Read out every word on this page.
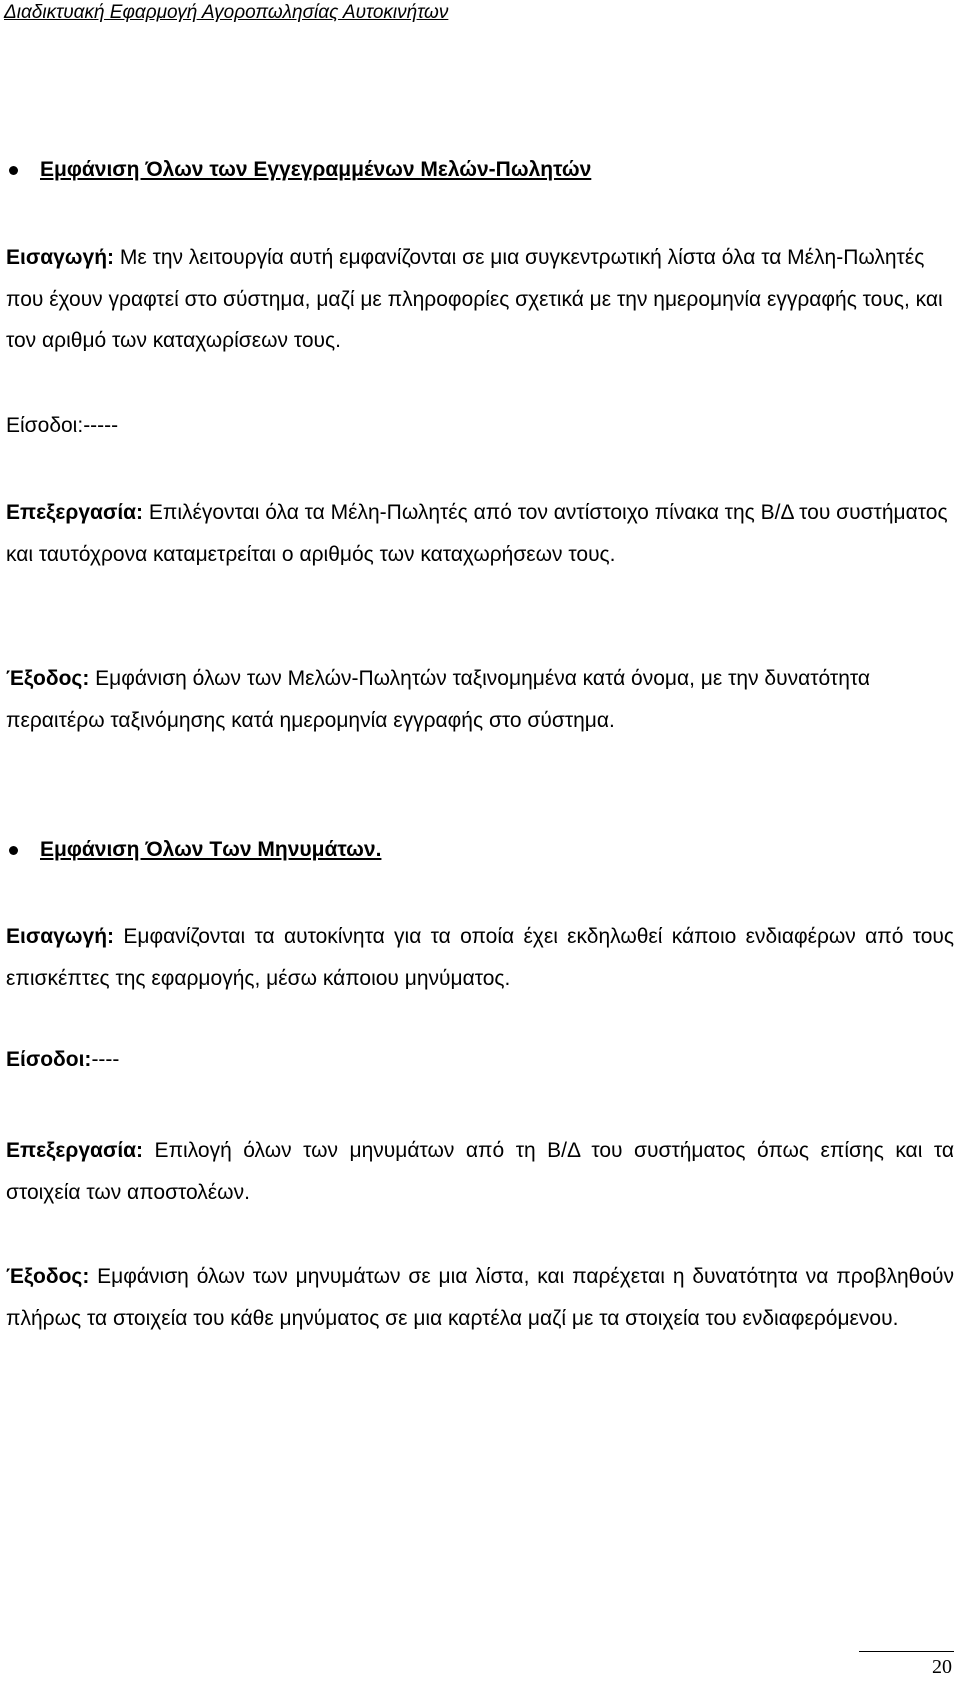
Διαδικτυακή Εφαρμογή Αγοροπωλησίας Αυτοκινήτων
Εμφάνιση Όλων των Εγγεγραμμένων Μελών-Πωλητών
Εισαγωγή: Με την λειτουργία αυτή εμφανίζονται σε μια συγκεντρωτική λίστα όλα τα Μέλη-Πωλητές που έχουν γραφτεί στο σύστημα, μαζί με πληροφορίες σχετικά με την ημερομηνία εγγραφής τους, και τον αριθμό των καταχωρίσεων τους.
Είσοδοι:-----
Επεξεργασία: Επιλέγονται όλα τα Μέλη-Πωλητές από τον αντίστοιχο πίνακα της Β/Δ του συστήματος και ταυτόχρονα καταμετρείται ο αριθμός των καταχωρήσεων τους.
Έξοδος: Εμφάνιση όλων των Μελών-Πωλητών ταξινομημένα κατά όνομα, με την δυνατότητα περαιτέρω ταξινόμησης κατά ημερομηνία εγγραφής στο σύστημα.
Εμφάνιση Όλων Των Μηνυμάτων.
Εισαγωγή: Εμφανίζονται τα αυτοκίνητα για τα οποία έχει εκδηλωθεί κάποιο ενδιαφέρων από τους επισκέπτες της εφαρμογής, μέσω κάποιου μηνύματος.
Είσοδοι:----
Επεξεργασία: Επιλογή όλων των μηνυμάτων από τη Β/Δ του συστήματος όπως επίσης και τα στοιχεία των αποστολέων.
Έξοδος: Εμφάνιση όλων των μηνυμάτων σε μια λίστα, και παρέχεται η δυνατότητα να προβληθούν πλήρως τα στοιχεία του κάθε μηνύματος σε μια καρτέλα μαζί με τα στοιχεία του ενδιαφερόμενου.
20
